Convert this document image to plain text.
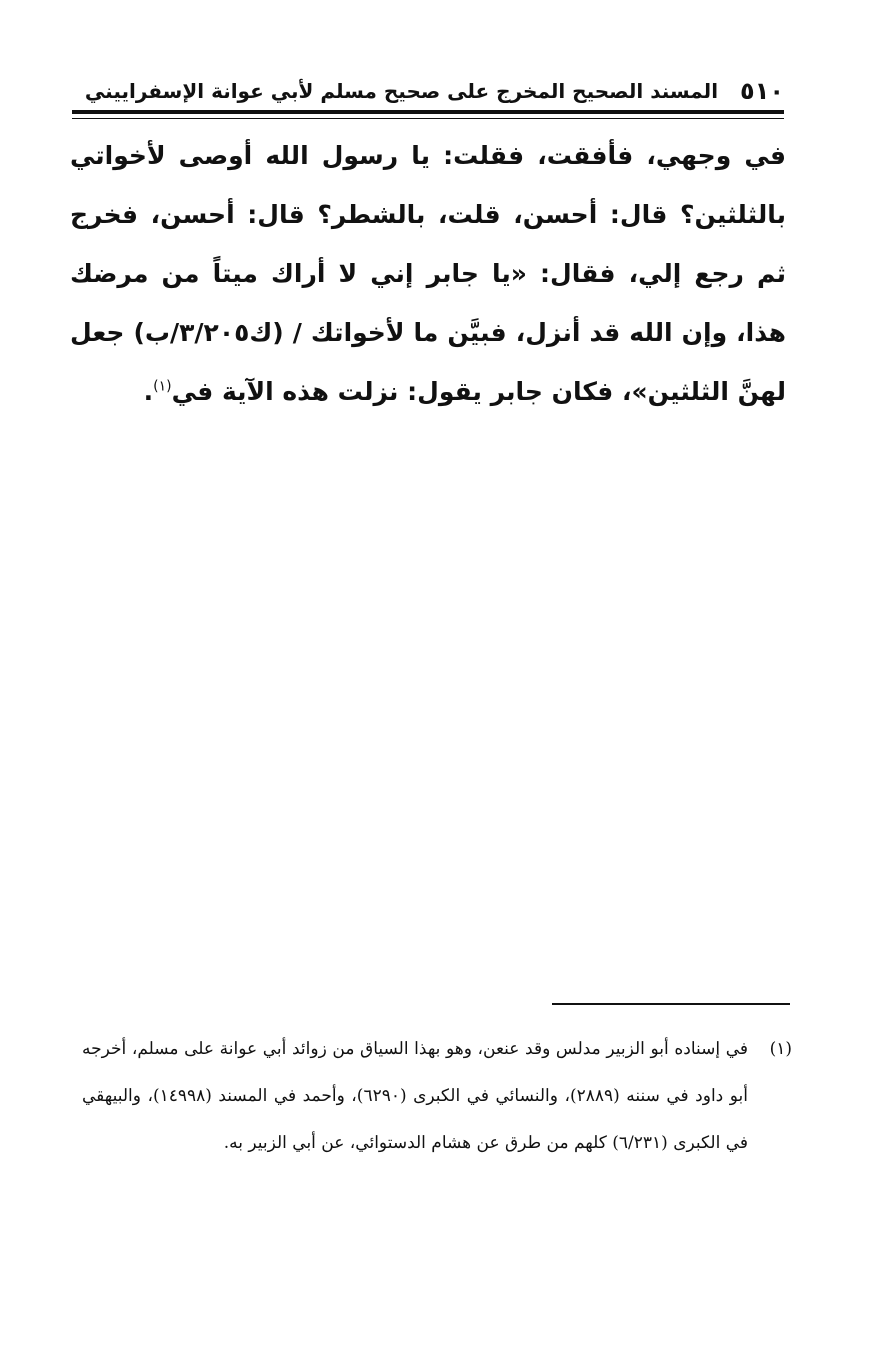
٥١٠
المسند الصحيح المخرج على صحيح مسلم لأبي عوانة الإسفراييني

في وجهي، فأفقت، فقلت: يا رسول الله أوصى لأخواتي بالثلثين؟ قال: أحسن، قلت، بالشطر؟ قال: أحسن، فخرج ثم رجع إلي، فقال: «يا جابر إني لا أراك ميتاً من مرضك هذا، وإن الله قد أنزل، فبيَّن ما لأخواتك / (ك٣/٢٠٥/ب) جعل لهنَّ الثلثين»، فكان جابر يقول: نزلت هذه الآية في$^{(١)}$.

(١)
في إسناده أبو الزبير مدلس وقد عنعن، وهو بهذا السياق من زوائد أبي عوانة على مسلم، أخرجه أبو داود في سننه (٢٨٨٩)، والنسائي في الكبرى (٦٢٩٠)، وأحمد في المسند (١٤٩٩٨)، والبيهقي في الكبرى (٦/٢٣١) كلهم من طرق عن هشام الدستوائي، عن أبي الزبير به.
